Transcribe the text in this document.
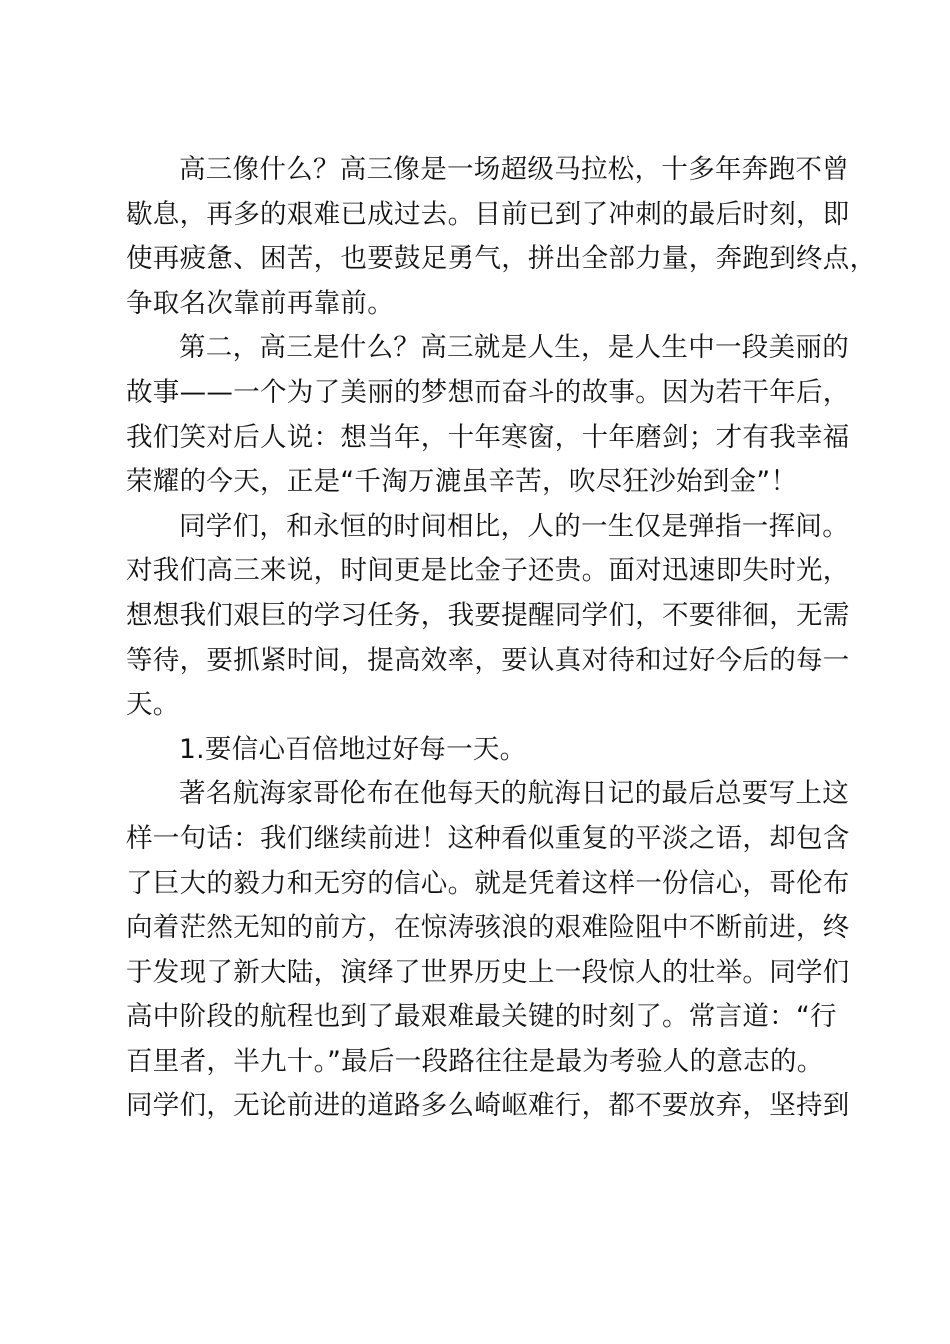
高三像什么？高三像是一场超级马拉松，十多年奔跑不曾
歇息，再多的艰难已成过去。目前已到了冲刺的最后时刻，即
使再疲惫、困苦，也要鼓足勇气，拼出全部力量，奔跑到终点，
争取名次靠前再靠前。

第二，高三是什么？高三就是人生，是人生中一段美丽的
故事——一个为了美丽的梦想而奋斗的故事。因为若干年后，
我们笑对后人说：想当年，十年寒窗，十年磨剑；才有我幸福
荣耀的今天，正是“千淘万漉虽辛苦，吹尽狂沙始到金”！

同学们，和永恒的时间相比，人的一生仅是弹指一挥间。
对我们高三来说，时间更是比金子还贵。面对迅速即失时光，
想想我们艰巨的学习任务，我要提醒同学们，不要徘徊，无需
等待，要抓紧时间，提高效率，要认真对待和过好今后的每一
天。

1.要信心百倍地过好每一天。

著名航海家哥伦布在他每天的航海日记的最后总要写上这
样一句话：我们继续前进！这种看似重复的平淡之语，却包含
了巨大的毅力和无穷的信心。就是凭着这样一份信心，哥伦布
向着茫然无知的前方，在惊涛骇浪的艰难险阻中不断前进，终
于发现了新大陆，演绎了世界历史上一段惊人的壮举。同学们
高中阶段的航程也到了最艰难最关键的时刻了。常言道：“行
百里者，半九十。”最后一段路往往是最为考验人的意志的。
同学们，无论前进的道路多么崎岖难行，都不要放弃，坚持到
